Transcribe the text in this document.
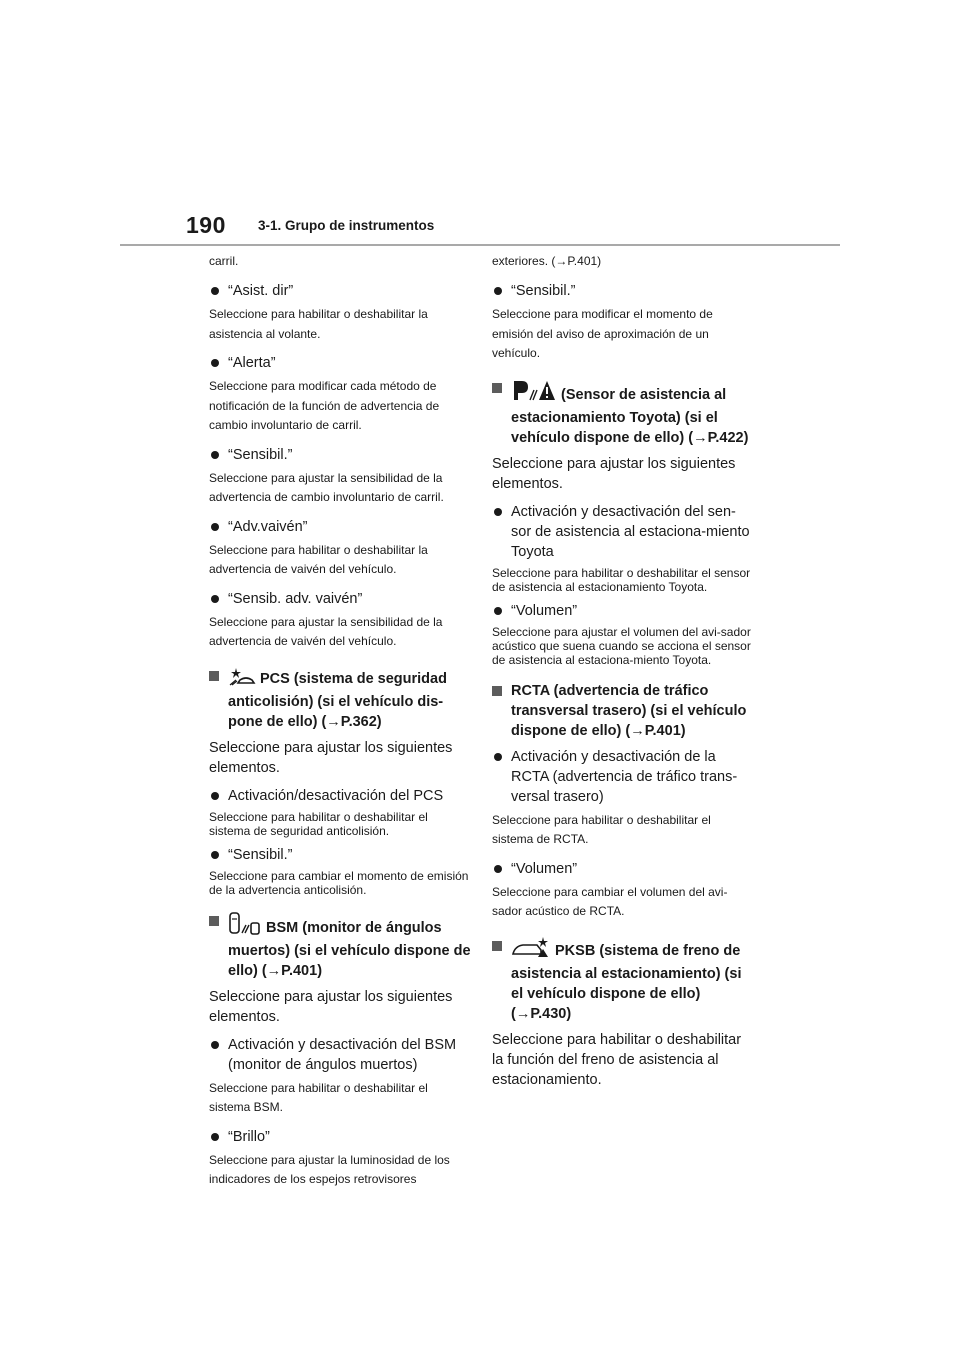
190 3-1. Grupo de instrumentos

carril.

“Asist. dir”

Seleccione para habilitar o deshabilitar la asistencia al volante.

“Alerta”

Seleccione para modificar cada método de notificación de la función de advertencia de cambio involuntario de carril.

“Sensibil.”

Seleccione para ajustar la sensibilidad de la advertencia de cambio involuntario de carril.

“Adv.vaivén”

Seleccione para habilitar o deshabilitar la advertencia de vaivén del vehículo.

“Sensib. adv. vaivén”

Seleccione para ajustar la sensibilidad de la advertencia de vaivén del vehículo.

PCS (sistema de seguridad anticolisión) (si el vehículo dis-pone de ello) (→P.362)

Seleccione para ajustar los siguientes elementos.

Activación/desactivación del PCS

Seleccione para habilitar o deshabilitar el sistema de seguridad anticolisión.

“Sensibil.”

Seleccione para cambiar el momento de emisión de la advertencia anticolisión.

BSM (monitor de ángulos muertos) (si el vehículo dispone de ello) (→P.401)

Seleccione para ajustar los siguientes elementos.

Activación y desactivación del BSM (monitor de ángulos muertos)

Seleccione para habilitar o deshabilitar el sistema BSM.

“Brillo”

Seleccione para ajustar la luminosidad de los indicadores de los espejos retrovisores

exteriores. (→P.401)

“Sensibil.”

Seleccione para modificar el momento de emisión del aviso de aproximación de un vehículo.

(Sensor de asistencia al estacionamiento Toyota) (si el vehículo dispone de ello) (→P.422)

Seleccione para ajustar los siguientes elementos.

Activación y desactivación del sen-sor de asistencia al estaciona-miento Toyota

Seleccione para habilitar o deshabilitar el sensor de asistencia al estacionamiento Toyota.

“Volumen”

Seleccione para ajustar el volumen del avi-sador acústico que suena cuando se acciona el sensor de asistencia al estaciona-miento Toyota.

RCTA (advertencia de tráfico transversal trasero) (si el vehículo dispone de ello) (→P.401)
Activación y desactivación de la RCTA (advertencia de tráfico trans-versal trasero)

Seleccione para habilitar o deshabilitar el sistema de RCTA.

“Volumen”

Seleccione para cambiar el volumen del avi-sador acústico de RCTA.

PKSB (sistema de freno de asistencia al estacionamiento) (si el vehículo dispone de ello) (→P.430)

Seleccione para habilitar o deshabilitar la función del freno de asistencia al estacionamiento.
